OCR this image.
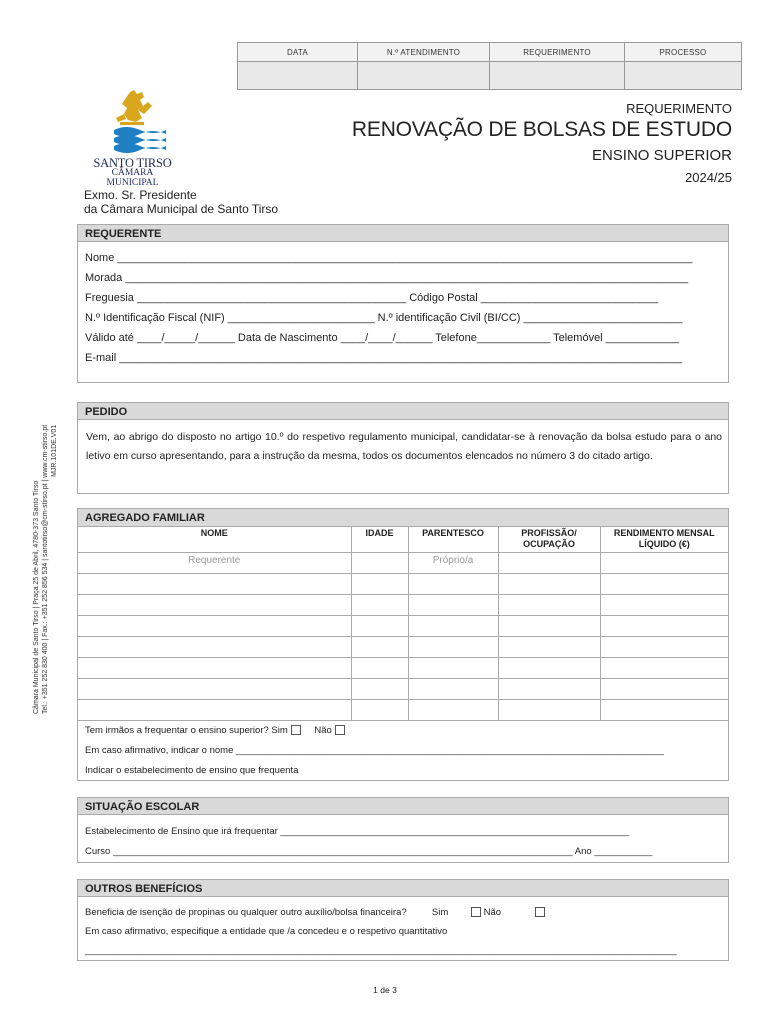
DATA	N.º ATENDIMENTO	REQUERIMENTO	PROCESSO

SANTO TIRSO
CÂMARA MUNICIPAL
REQUERIMENTO
RENOVAÇÃO DE BOLSAS DE ESTUDO
ENSINO SUPERIOR
2024/25
Exmo. Sr. Presidente
da Câmara Municipal de Santo Tirso
REQUERENTE
Nome ______________________________________________________________________________________________
Morada ____________________________________________________________________________________________
Freguesia ____________________________________________ Código Postal _____________________________
N.º Identificação Fiscal (NIF) ________________________ N.º identificação Civil (BI/CC) __________________________
Válido até ____/_____/______ Data de Nascimento ____/____/______ Telefone____________ Telemóvel ____________
E-mail ____________________________________________________________________________________________
PEDIDO
Vem, ao abrigo do disposto no artigo 10.º do respetivo regulamento municipal, candidatar-se à renovação da bolsa estudo para o ano letivo em curso apresentando, para a instrução da mesma, todos os documentos elencados no número 3 do citado artigo.
AGREGADO FAMILIAR
NOME	IDADE	PARENTESCO	PROFISSÃO/ OCUPAÇÃO	RENDIMENTO MENSAL LÍQUIDO (€)
Requerente		Próprio/a		

Tem irmãos a frequentar o ensino superior? Sim	Não
Em caso afirmativo, indicar o nome _________________________________________________________________________________
Indicar o estabelecimento de ensino que frequenta
SITUAÇÃO ESCOLAR
Estabelecimento de Ensino que irá frequentar __________________________________________________________________
Curso _______________________________________________________________________________________ Ano ___________
OUTROS BENEFÍCIOS
Beneficia de isenção de propinas ou qualquer outro auxílio/bolsa financeira?	Sim	Não
Em caso afirmativo, especifique a entidade que /a concedeu e o respetivo quantitativo
________________________________________________________________________________________________________________
Câmara Municipal de Santo Tirso | Praça 25 de Abril, 4780-373 Santo Tirso Tel.: +351 252 830 400 | Fax.: +351 252 856 534 | santotirso@cm-stirso.pt | www.cm-stirso.pt MJR.101DE.V01
1 de 3
